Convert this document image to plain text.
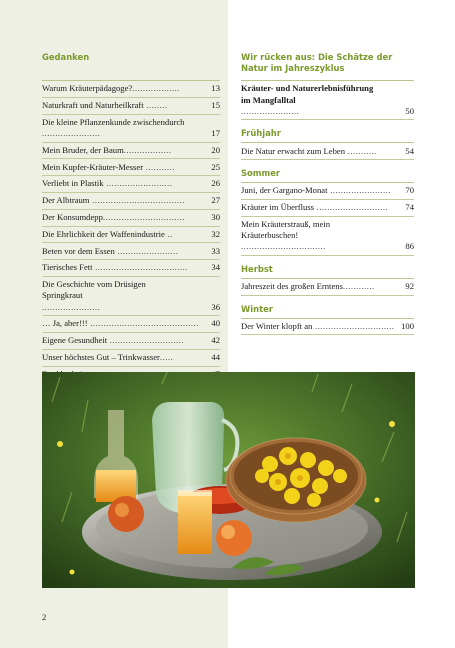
Gedanken
Warum Kräuterpädagoge?..................	13
Naturkraft und Naturheilkraft ........	15
Die kleine Pflanzenkunde zwischendurch
......................	17
Mein Bruder, der Baum..................	20
Mein Kupfer-Kräuter-Messer ...........	25
Verliebt in Plastik .........................	26
Der Albtraum ...................................	27
Der Konsumdepp...............................	30
Die Ehrlichkeit der Waffenindustrie ..	32
Beten vor dem Essen .......................	33
Tierisches Fett ...................................	34
Die Geschichte vom Drüsigen Springkraut
......................	36
… Ja, aber!!! ......................................... 40
Eigene Gesundheit ............................	42
Unser höchstes Gut – Trinkwasser.....	44
Wir rücken aus: Die Schätze der Natur im Jahreszyklus
Kräuter- und Naturerlebnisführung im Mangfalltal
......................	50
Frühjahr
Die Natur erwacht zum Leben ...........	54
Sommer
Juni, der Gargano-Monat ....................... 70
Kräuter im Überfluss ........................... 74
Mein Kräuterstrauß, mein Kräuterbuschen!
................................	86
Herbst
Jahreszeit des großen Erntens............	92
Winter
Der Winter klopft an .............................. 100
2
